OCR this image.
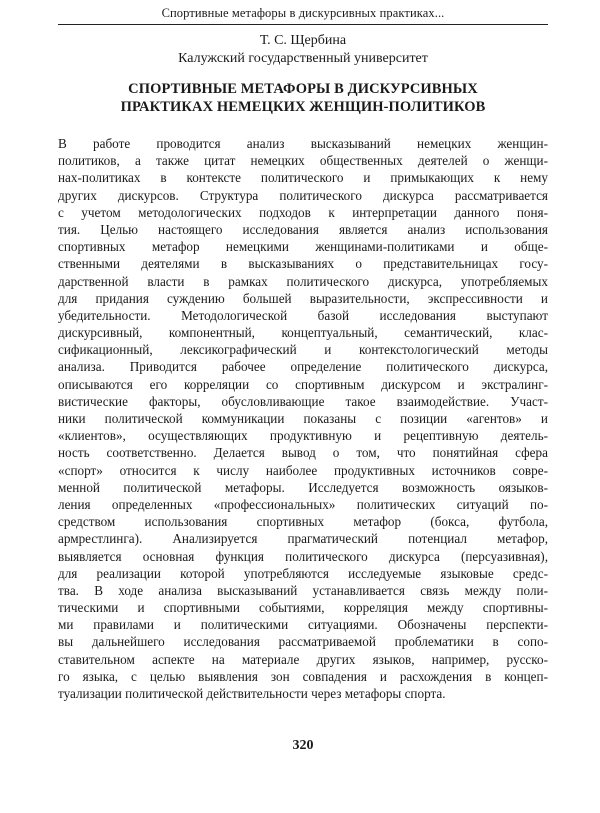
Спортивные метафоры в дискурсивных практиках...
Т. С. Щербина
Калужский государственный университет
СПОРТИВНЫЕ МЕТАФОРЫ В ДИСКУРСИВНЫХ
ПРАКТИКАХ НЕМЕЦКИХ ЖЕНЩИН-ПОЛИТИКОВ
В работе проводится анализ высказываний немецких женщин-
политиков, а также цитат немецких общественных деятелей о женщи-
нах-политиках в контексте политического и примыкающих к нему
других дискурсов. Структура политического дискурса рассматривается
с учетом методологических подходов к интерпретации данного поня-
тия. Целью настоящего исследования является анализ использования
спортивных метафор немецкими женщинами-политиками и обще-
ственными деятелями в высказываниях о представительницах госу-
дарственной власти в рамках политического дискурса, употребляемых
для придания суждению большей выразительности, экспрессивности и
убедительности. Методологической базой исследования выступают
дискурсивный, компонентный, концептуальный, семантический, клас-
сификационный, лексикографический и контекстологический методы
анализа. Приводится рабочее определение политического дискурса,
описываются его корреляции со спортивным дискурсом и экстралинг-
вистические факторы, обусловливающие такое взаимодействие. Участ-
ники политической коммуникации показаны с позиции «агентов» и
«клиентов», осуществляющих продуктивную и рецептивную деятель-
ность соответственно. Делается вывод о том, что понятийная сфера
«спорт» относится к числу наиболее продуктивных источников совре-
менной политической метафоры. Исследуется возможность оязыков-
ления определенных «профессиональных» политических ситуаций по-
средством использования спортивных метафор (бокса, футбола,
армрестлинга). Анализируется прагматический потенциал метафор,
выявляется основная функция политического дискурса (персуазивная),
для реализации которой употребляются исследуемые языковые средс-
тва. В ходе анализа высказываний устанавливается связь между поли-
тическими и спортивными событиями, корреляция между спортивны-
ми правилами и политическими ситуациями. Обозначены перспекти-
вы дальнейшего исследования рассматриваемой проблематики в сопо-
ставительном аспекте на материале других языков, например, русско-
го языка, с целью выявления зон совпадения и расхождения в концеп-
туализации политической действительности через метафоры спорта.
320
